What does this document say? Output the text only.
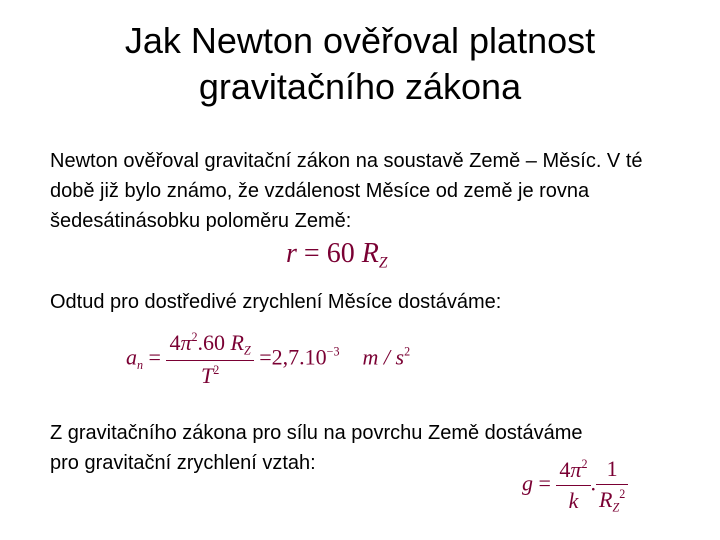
Jak Newton ověřoval platnost
gravitačního zákona
Newton ověřoval gravitační zákon na soustavě Země – Měsíc. V té době již bylo známo, že vzdálenost Měsíce od země je rovna šedesátinásobku poloměru Země:
r = 60 $R_Z$
Odtud pro dostředivé zrychlení Měsíce dostáváme:
$a_n = \frac{4\pi^2.60 R_Z}{T^2} =2,7.10^{-3}$ m / $s^2$
Z gravitačního zákona pro sílu na povrchu Země dostáváme pro gravitační zrychlení vztah:
$g = \frac{4\pi^2}{k}$ . $\frac{1}{R_Z^2}$
